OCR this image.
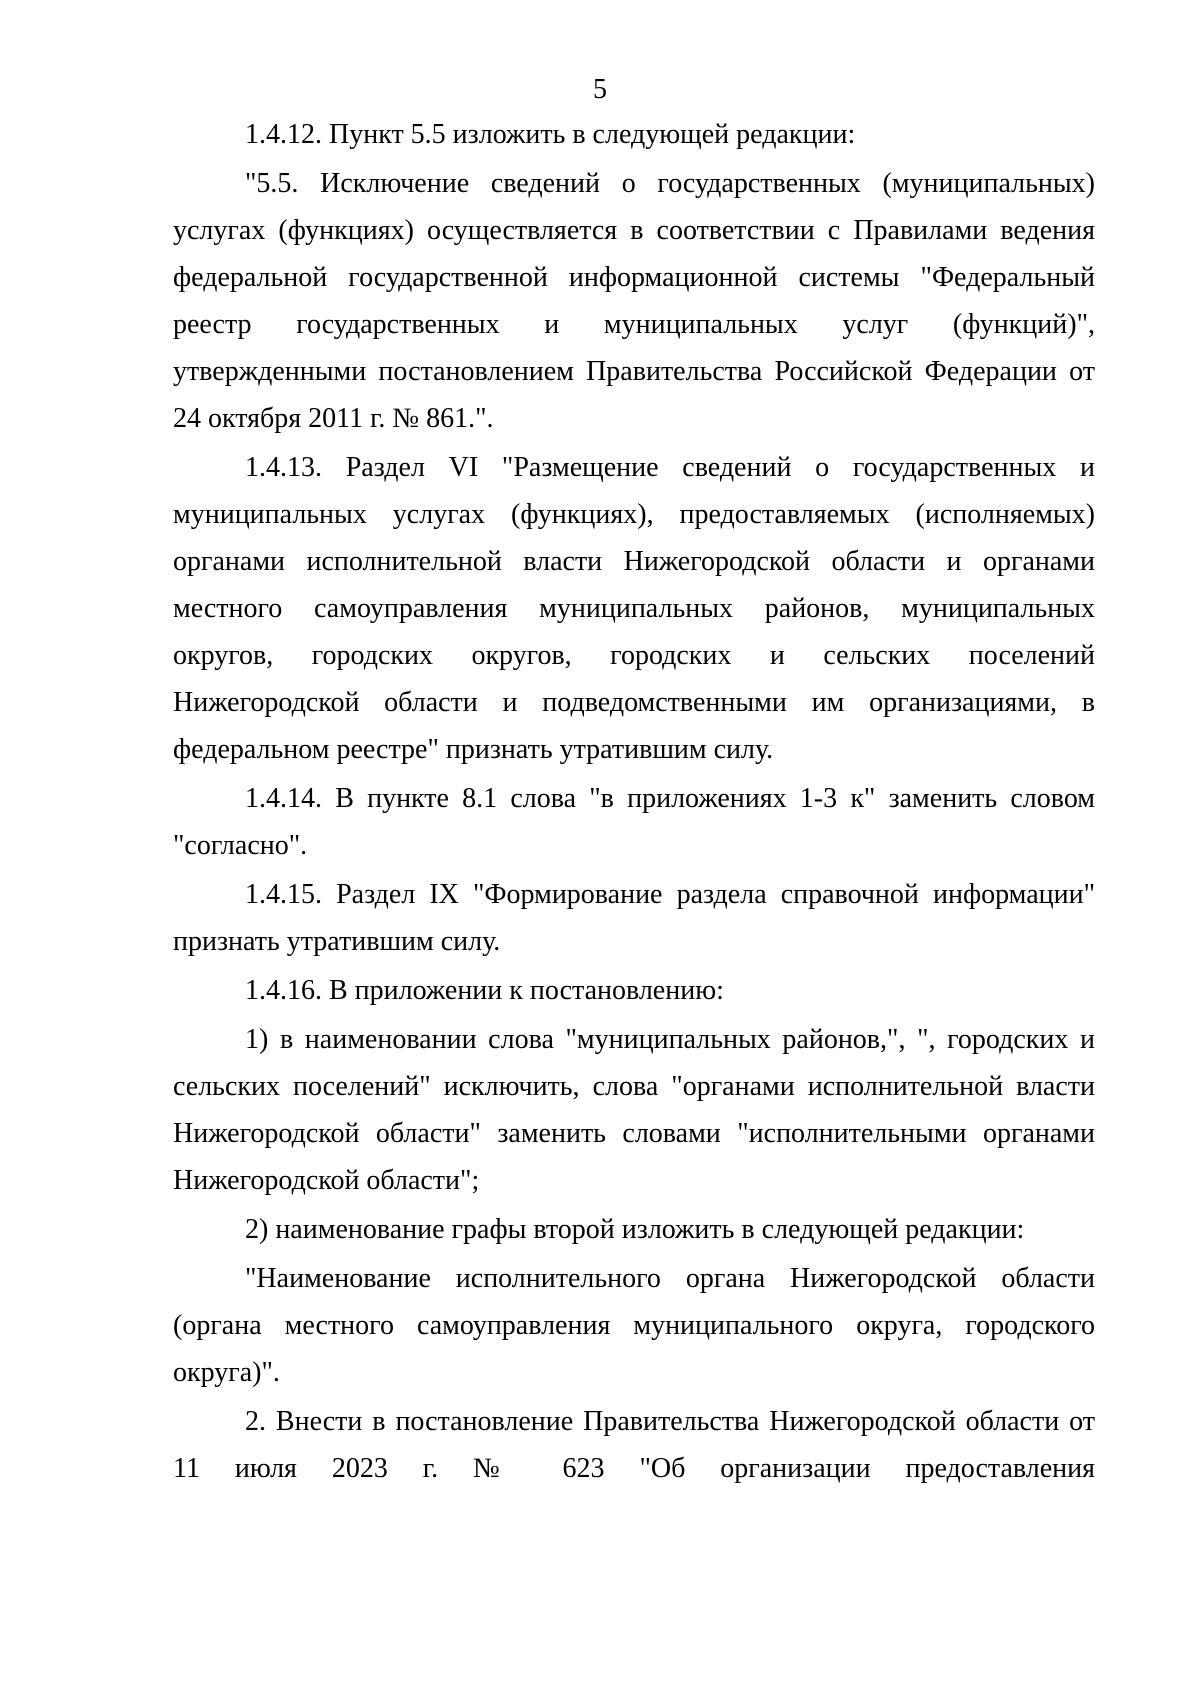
5

1.4.12. Пункт 5.5 изложить в следующей редакции:

"5.5. Исключение сведений о государственных (муниципальных) услугах (функциях) осуществляется в соответствии с Правилами ведения федеральной государственной информационной системы "Федеральный реестр государственных и муниципальных услуг (функций)", утвержденными постановлением Правительства Российской Федерации от 24 октября 2011 г. № 861.".

1.4.13. Раздел VI "Размещение сведений о государственных и муниципальных услугах (функциях), предоставляемых (исполняемых) органами исполнительной власти Нижегородской области и органами местного самоуправления муниципальных районов, муниципальных округов, городских округов, городских и сельских поселений Нижегородской области и подведомственными им организациями, в федеральном реестре" признать утратившим силу.

1.4.14. В пункте 8.1 слова "в приложениях 1-3 к" заменить словом "согласно".

1.4.15. Раздел IX "Формирование раздела справочной информации" признать утратившим силу.

1.4.16. В приложении к постановлению:

1) в наименовании слова "муниципальных районов,", ", городских и сельских поселений" исключить, слова "органами исполнительной власти Нижегородской области" заменить словами "исполнительными органами Нижегородской области";

2) наименование графы второй изложить в следующей редакции:

"Наименование исполнительного органа Нижегородской области (органа местного самоуправления муниципального округа, городского округа)".

2. Внести в постановление Правительства Нижегородской области от 11 июля 2023 г. № 623 "Об организации предоставления
